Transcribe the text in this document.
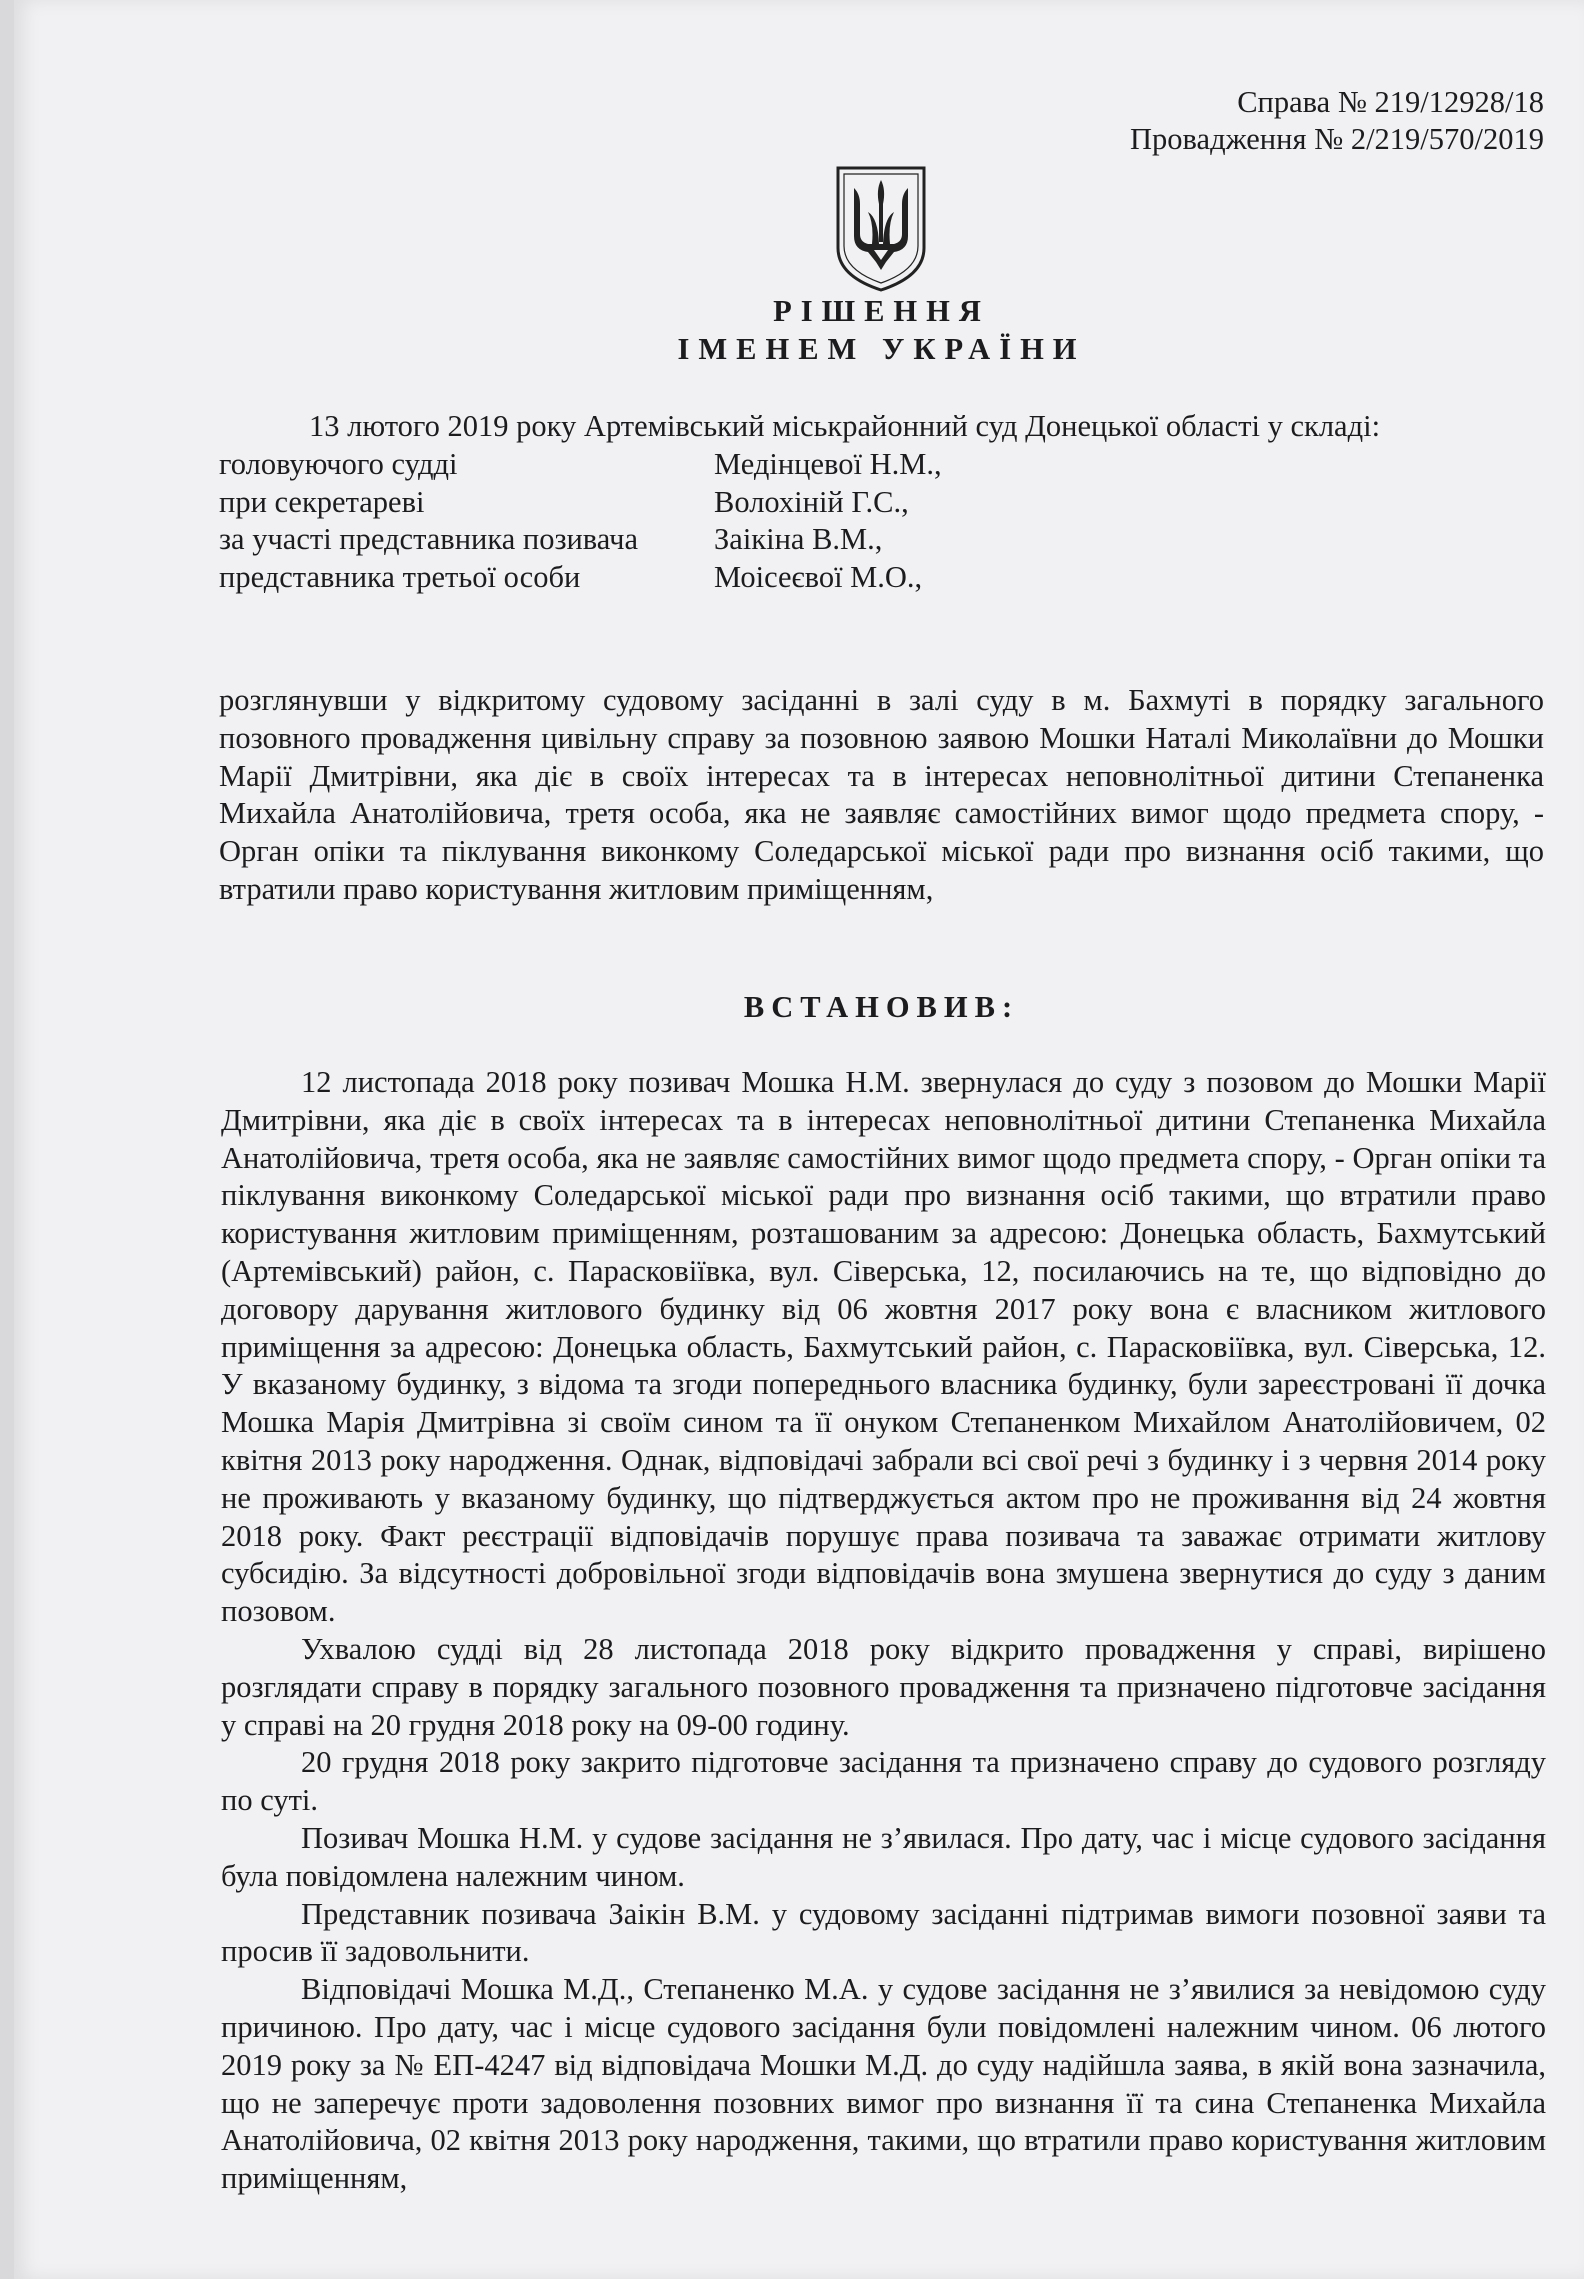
Справа № 219/12928/18
Провадження № 2/219/570/2019
РІШЕННЯ
ІМЕНЕМ УКРАЇНИ
13 лютого 2019 року Артемівський міськрайонний суд Донецької області у складі:
головуючого судді	Медінцевої Н.М.,
при секретареві	Волохіній Г.С.,
за участі представника позивача	Заікіна В.М.,
представника третьої особи	Моісеєвої М.О.,
розглянувши у відкритому судовому засіданні в залі суду в м. Бахмуті в порядку загального позовного провадження цивільну справу за позовною заявою Мошки Наталі Миколаївни до Мошки Марії Дмитрівни, яка діє в своїх інтересах та в інтересах неповнолітньої дитини Степаненка Михайла Анатолійовича, третя особа, яка не заявляє самостійних вимог щодо предмета спору, - Орган опіки та піклування виконкому Соледарської міської ради про визнання осіб такими, що втратили право користування житловим приміщенням,
ВСТАНОВИВ:

12 листопада 2018 року позивач Мошка Н.М. звернулася до суду з позовом до Мошки Марії Дмитрівни, яка діє в своїх інтересах та в інтересах неповнолітньої дитини Степаненка Михайла Анатолійовича, третя особа, яка не заявляє самостійних вимог щодо предмета спору, - Орган опіки та піклування виконкому Соледарської міської ради про визнання осіб такими, що втратили право користування житловим приміщенням, розташованим за адресою: Донецька область, Бахмутський (Артемівський) район, с. Парасковіївка, вул. Сіверська, 12, посилаючись на те, що відповідно до договору дарування житлового будинку від 06 жовтня 2017 року вона є власником житлового приміщення за адресою: Донецька область, Бахмутський район, с. Парасковіївка, вул. Сіверська, 12. У вказаному будинку, з відома та згоди попереднього власника будинку, були зареєстровані її дочка Мошка Марія Дмитрівна зі своїм сином та її онуком Степаненком Михайлом Анатолійовичем, 02 квітня 2013 року народження. Однак, відповідачі забрали всі свої речі з будинку і з червня 2014 року не проживають у вказаному будинку, що підтверджується актом про не проживання від 24 жовтня 2018 року. Факт реєстрації відповідачів порушує права позивача та заважає отримати житлову субсидію. За відсутності добровільної згоди відповідачів вона змушена звернутися до суду з даним позовом.

Ухвалою судді від 28 листопада 2018 року відкрито провадження у справі, вирішено розглядати справу в порядку загального позовного провадження та призначено підготовче засідання у справі на 20 грудня 2018 року на 09-00 годину.

20 грудня 2018 року закрито підготовче засідання та призначено справу до судового розгляду по суті.

Позивач Мошка Н.М. у судове засідання не з’явилася. Про дату, час і місце судового засідання була повідомлена належним чином.

Представник позивача Заікін В.М. у судовому засіданні підтримав вимоги позовної заяви та просив її задовольнити.

Відповідачі Мошка М.Д., Степаненко М.А. у судове засідання не з’явилися за невідомою суду причиною. Про дату, час і місце судового засідання були повідомлені належним чином. 06 лютого 2019 року за № ЕП-4247 від відповідача Мошки М.Д. до суду надійшла заява, в якій вона зазначила, що не заперечує проти задоволення позовних вимог про визнання її та сина Степаненка Михайла Анатолійовича, 02 квітня 2013 року народження, такими, що втратили право користування житловим приміщенням,
